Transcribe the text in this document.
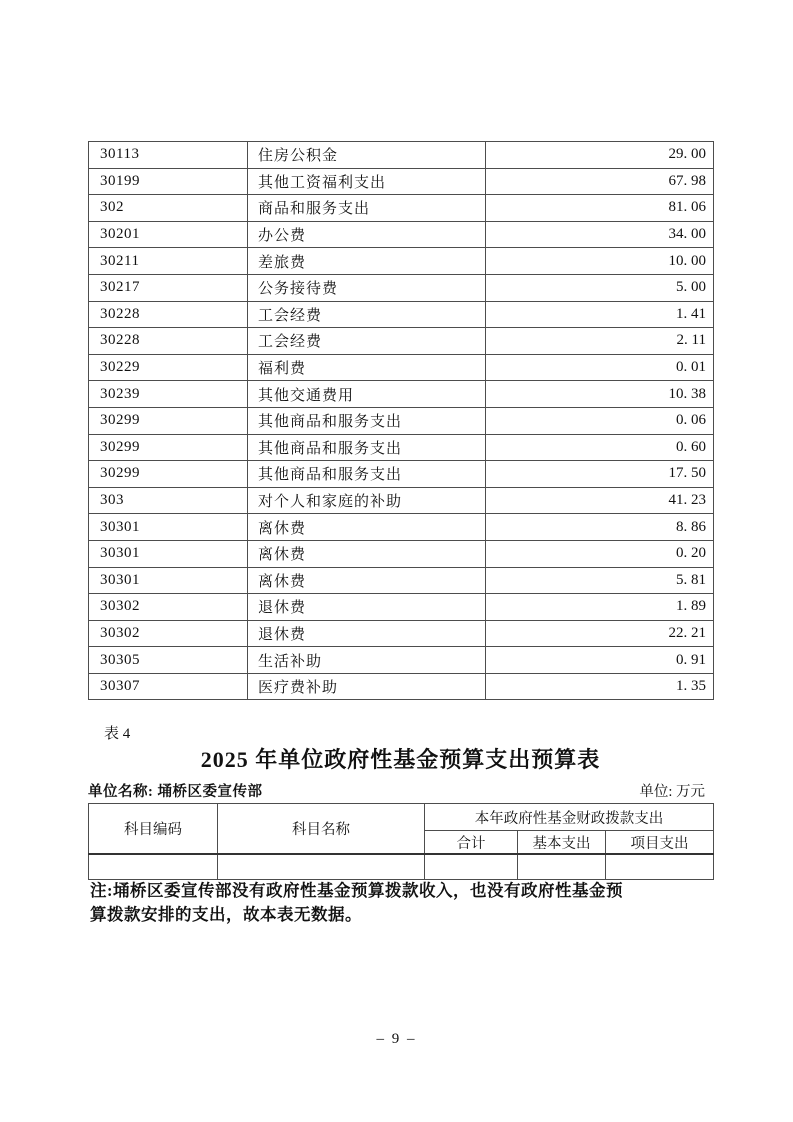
30113	住房公积金	29. 00
30199	其他工资福利支出	67. 98
302	商品和服务支出	81. 06
30201	办公费	34. 00
30211	差旅费	10. 00
30217	公务接待费	5. 00
30228	工会经费	1. 41
30228	工会经费	2. 11
30229	福利费	0. 01
30239	其他交通费用	10. 38
30299	其他商品和服务支出	0. 06
30299	其他商品和服务支出	0. 60
30299	其他商品和服务支出	17. 50
303	对个人和家庭的补助	41. 23
30301	离休费	8. 86
30301	离休费	0. 20
30301	离休费	5. 81
30302	退休费	1. 89
30302	退休费	22. 21
30305	生活补助	0. 91
30307	医疗费补助	1. 35
表 4
2025 年单位政府性基金预算支出预算表
单位名称: 埇桥区委宣传部	单位: 万元
科目编码	科目名称	本年政府性基金财政拨款支出		
		合计	基本支出	项目支出

注:埇桥区委宣传部没有政府性基金预算拨款收入，也没有政府性基金预
算拨款安排的支出，故本表无数据。
– 9 –
